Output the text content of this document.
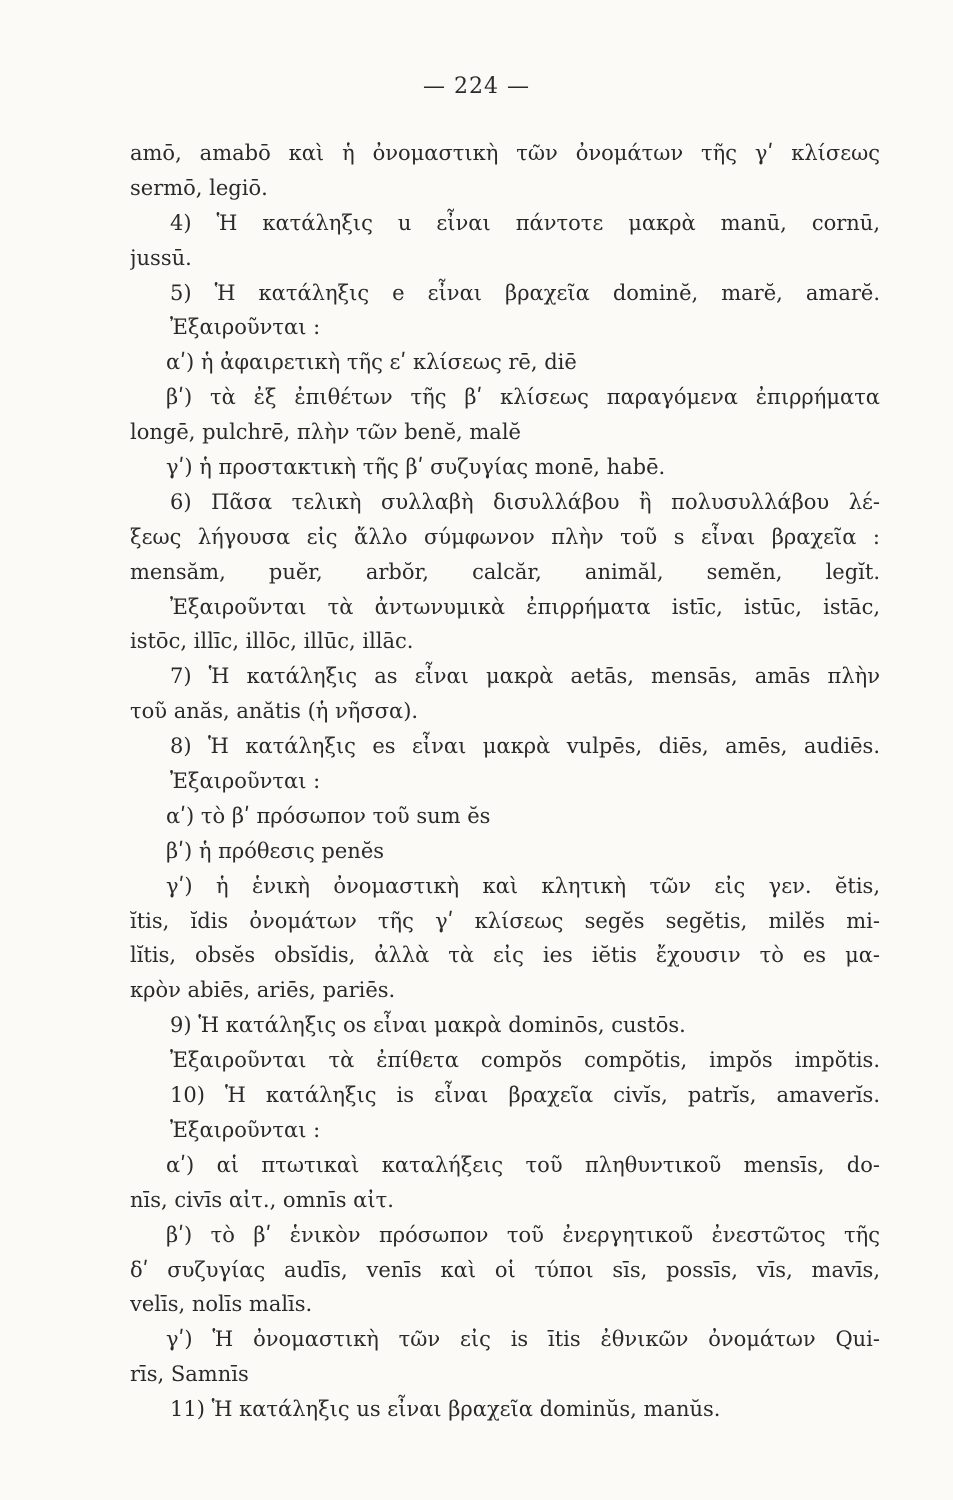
— 224 —
amō, amabō καὶ ἡ ὀνομαστικὴ τῶν ὀνομάτων τῆς γʹ κλίσεως
sermō, legiō.
4) Ἡ κατάληξις u εἶναι πάντοτε μακρὰ manū, cornū,
jussū.
5) Ἡ κατάληξις e εἶναι βραχεῖα dominĕ, marĕ, amarĕ.
Ἐξαιροῦνται :
αʹ) ἡ ἀφαιρετικὴ τῆς εʹ κλίσεως rē, diē
βʹ) τὰ ἐξ ἐπιθέτων τῆς βʹ κλίσεως παραγόμενα ἐπιρρήματα
longē, pulchrē, πλὴν τῶν benĕ, malĕ
γʹ) ἡ προστακτικὴ τῆς βʹ συζυγίας monē, habē.
6) Πᾶσα τελικὴ συλλαβὴ δισυλλάβου ἢ πολυσυλλάβου λέ-
ξεως λήγουσα εἰς ἄλλο σύμφωνον πλὴν τοῦ s εἶναι βραχεῖα :
mensăm, puĕr, arbŏr, calcăr, animăl, semĕn, legĭt.
Ἐξαιροῦνται τὰ ἀντωνυμικὰ ἐπιρρήματα istīc, istūc, istāc,
istōc, illīc, illōc, illūc, illāc.
7) Ἡ κατάληξις as εἶναι μακρὰ aetās, mensās, amās πλὴν
τοῦ anăs, anătis (ἡ νῆσσα).
8) Ἡ κατάληξις es εἶναι μακρὰ vulpēs, diēs, amēs, audiēs.
Ἐξαιροῦνται :
αʹ) τὸ βʹ πρόσωπον τοῦ sum ĕs
βʹ) ἡ πρόθεσις penĕs
γʹ) ἡ ἑνικὴ ὀνομαστικὴ καὶ κλητικὴ τῶν εἰς γεν. ĕtis,
ĭtis, ĭdis ὀνομάτων τῆς γʹ κλίσεως segĕs segĕtis, milĕs mi-
lĭtis, obsĕs obsĭdis, ἀλλὰ τὰ εἰς ies iĕtis ἔχουσιν τὸ es μα-
κρὸν abiēs, ariēs, pariēs.
9) Ἡ κατάληξις os εἶναι μακρὰ dominōs, custōs.
Ἐξαιροῦνται τὰ ἐπίθετα compŏs compŏtis, impŏs impŏtis.
10) Ἡ κατάληξις is εἶναι βραχεῖα civĭs, patrĭs, amaverĭs.
Ἐξαιροῦνται :
αʹ) αἱ πτωτικαὶ καταλήξεις τοῦ πληθυντικοῦ mensīs, do-
nīs, civīs αἰτ., omnīs αἰτ.
βʹ) τὸ βʹ ἑνικὸν πρόσωπον τοῦ ἐνεργητικοῦ ἐνεστῶτος τῆς
δʹ συζυγίας audīs, venīs καὶ οἱ τύποι sīs, possīs, vīs, mavīs,
velīs, nolīs malīs.
γʹ) Ἡ ὀνομαστικὴ τῶν εἰς is ītis ἐθνικῶν ὀνομάτων Qui-
rīs, Samnīs
11) Ἡ κατάληξις us εἶναι βραχεῖα dominŭs, manŭs.
